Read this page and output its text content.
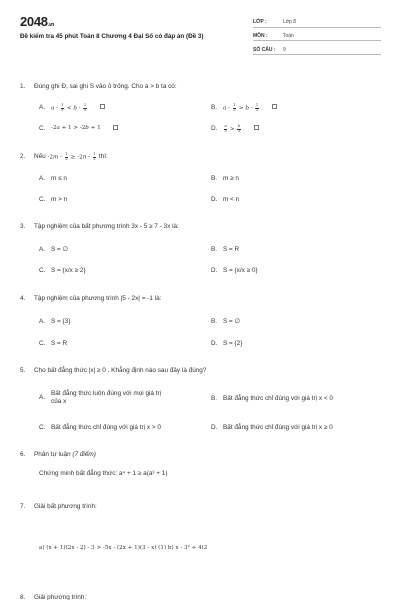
2048.vn
Đề kiểm tra 45 phút Toán 8 Chương 4 Đại Số có đáp án (Đề 3)
LỚP :	Lớp 8
MÔN :	Toán
SỐ CÂU :	9
1.	Đúng ghi Đ, sai ghi S vào ô trống. Cho a > b ta có:
A.	$a - \frac{1}{3} < b - \frac{1}{3}$	B.	$a - \frac{1}{3} > b - \frac{1}{3}$
C. -2a + 1 > -2b + 1	D.	$\frac{a}{3} > \frac{b}{3}$
2.	Nếu
$-2m - \frac{1}{2} \ge -2n - \frac{1}{2}$
thì:
A. m ≤ n	B. m ≥ n
C. m > n	D. m < n
3.	Tập nghiệm của bất phương trình 3x - 5 ≥ 7 - 3x là:
A. S = ∅	B. S = R
C. S = {x/x ≥ 2}	D. S = {x/x ≥ 0}
4.	Tập nghiệm của phương trình |5 - 2x| = -1 là:
A. S = {3}	B. S = ∅
C. S = R	D. S = {2}
5.	Cho bất đẳng thức |x| ≥ 0 . Khẳng định nào sau đây là đúng?
A.
Bất đẳng thức luôn đúng với mọi giá trị của x	B. Bất đẳng thức chỉ đúng với giá trị x < 0
C. Bất đẳng thức chỉ đúng với giá trị x > 0	D. Bất đẳng thức chỉ đúng với giá trị x ≥ 0
6.	Phân tự luận
(7 điểm)
Chứng minh bất đẳng thức: a⁴ + 1 ≥ a(a³ + 1)
7.	Giải bất phương trình:
a) (x + 1)(2x - 2) - 3 > -5x - (2x + 1)(3 - x) (1) b) x - 3² + 4(2
8. Giải phương trình:
